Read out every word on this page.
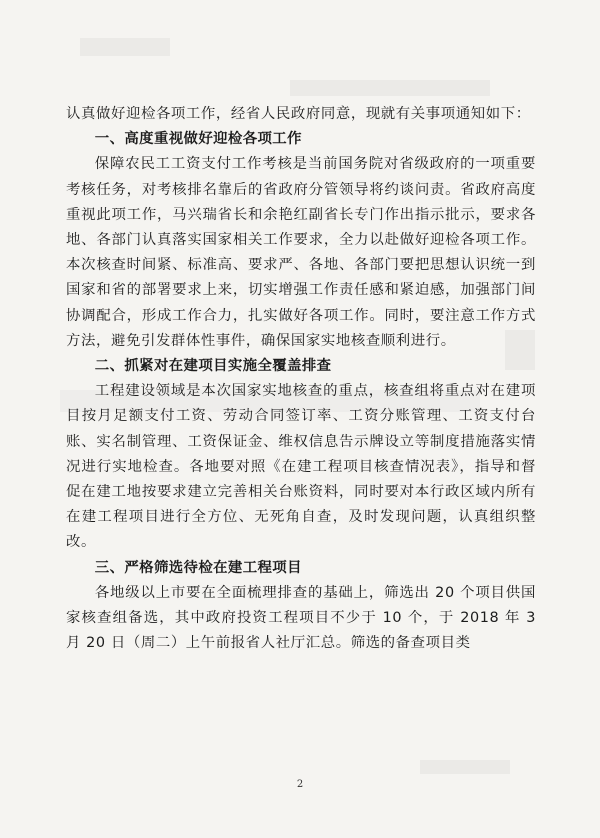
认真做好迎检各项工作，经省人民政府同意，现就有关事项通知如下：

一、高度重视做好迎检各项工作

保障农民工工资支付工作考核是当前国务院对省级政府的一项重要考核任务，对考核排名靠后的省政府分管领导将约谈问责。省政府高度重视此项工作，马兴瑞省长和余艳红副省长专门作出指示批示，要求各地、各部门认真落实国家相关工作要求，全力以赴做好迎检各项工作。本次核查时间紧、标准高、要求严、各地、各部门要把思想认识统一到国家和省的部署要求上来，切实增强工作责任感和紧迫感，加强部门间协调配合，形成工作合力，扎实做好各项工作。同时，要注意工作方式方法，避免引发群体性事件，确保国家实地核查顺利进行。

二、抓紧对在建项目实施全覆盖排查

工程建设领域是本次国家实地核查的重点，核查组将重点对在建项目按月足额支付工资、劳动合同签订率、工资分账管理、工资支付台账、实名制管理、工资保证金、维权信息告示牌设立等制度措施落实情况进行实地检查。各地要对照《在建工程项目核查情况表》，指导和督促在建工地按要求建立完善相关台账资料，同时要对本行政区域内所有在建工程项目进行全方位、无死角自查，及时发现问题，认真组织整改。

三、严格筛选待检在建工程项目

各地级以上市要在全面梳理排查的基础上，筛选出 20 个项目供国家核查组备选，其中政府投资工程项目不少于 10 个，于 2018 年 3 月 20 日（周二）上午前报省人社厅汇总。筛选的备查项目类

2
